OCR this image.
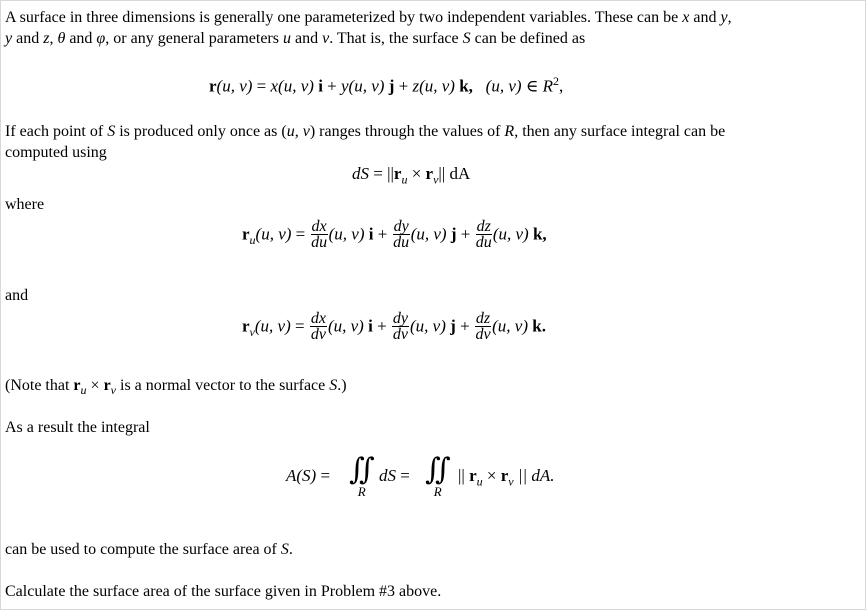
A surface in three dimensions is generally one parameterized by two independent variables. These can be x and y,
y and z, θ and φ, or any general parameters u and v. That is, the surface S can be defined as
r(u, v) = x(u, v) i + y(u, v) j + z(u, v) k, (u, v) ∈ $R^2$,
If each point of S is produced only once as (u, v) ranges through the values of R, then any surface integral can be
computed using
dS = $||r_u \times r_v||$ dA
where
$r_u(u$, $v) = \frac{dx}{du} (u$, v) $i + \frac{dy}{du} (u$, v) $j + \frac{dz}{du} (u$, v) k,
and
$r_v(u$, $v) = \frac{dx}{dv} (u$, v) $i + \frac{dy}{dv} (u$, v) $j + \frac{dz}{dv} (u$, v) k.
(Note that $r_u \times r_v$ is a normal vector to the surface S.)
As a result the integral
A(S) = ∬
R
dS = ∬
R
|| $r_u \times r_v$ || dA.
can be used to compute the surface area of S.
Calculate the surface area of the surface given in Problem #3 above.
